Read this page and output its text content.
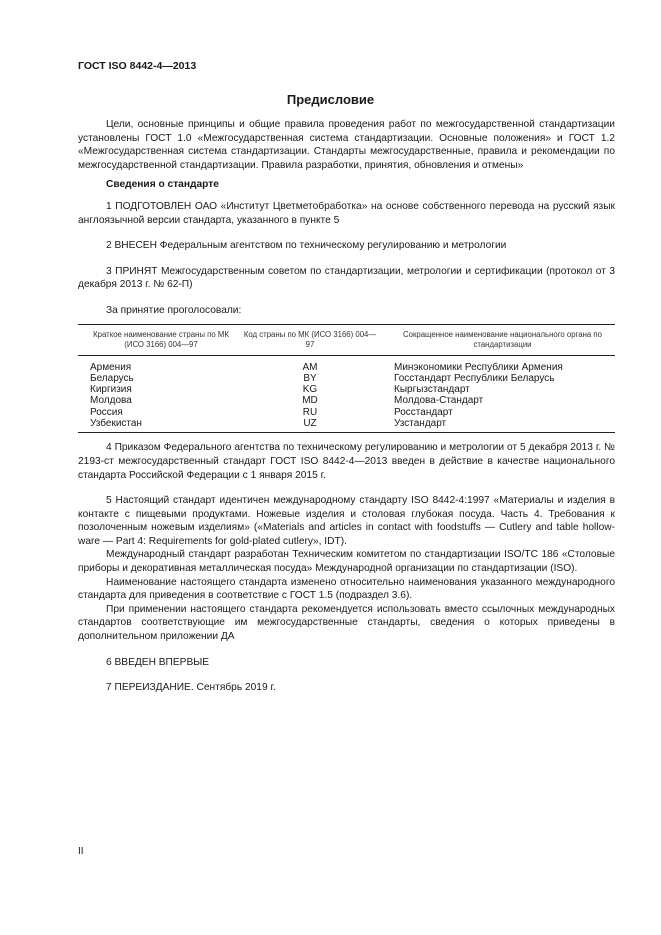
ГОСТ ISO 8442-4—2013
Предисловие

Цели, основные принципы и общие правила проведения работ по межгосударственной стандартизации установлены ГОСТ 1.0 «Межгосударственная система стандартизации. Основные положения» и ГОСТ 1.2 «Межгосударственная система стандартизации. Стандарты межгосударственные, правила и рекомендации по межгосударственной стандартизации. Правила разработки, принятия, обновления и отмены»

Сведения о стандарте

1 ПОДГОТОВЛЕН ОАО «Институт Цветметобработка» на основе собственного перевода на русский язык англоязычной версии стандарта, указанного в пункте 5

2 ВНЕСЕН Федеральным агентством по техническому регулированию и метрологии

3 ПРИНЯТ Межгосударственным советом по стандартизации, метрологии и сертификации (протокол от 3 декабря 2013 г. № 62-П)

За принятие проголосовали:

Краткое наименование страны по МК (ИСО 3166) 004—97	Код страны по МК (ИСО 3166) 004—97	Сокращенное наименование национального органа по стандартизации
Армения	AM	Минэкономики Республики Армения
Беларусь	BY	Госстандарт Республики Беларусь
Киргизия	KG	Кыргызстандарт
Молдова	MD	Молдова-Стандарт
Россия	RU	Росстандарт
Узбекистан	UZ	Узстандарт

4 Приказом Федерального агентства по техническому регулированию и метрологии от 5 декабря 2013 г. № 2193-ст межгосударственный стандарт ГОСТ ISO 8442-4—2013 введен в действие в качестве национального стандарта Российской Федерации с 1 января 2015 г.

5 Настоящий стандарт идентичен международному стандарту ISO 8442-4:1997 «Материалы и изделия в контакте с пищевыми продуктами. Ножевые изделия и столовая глубокая посуда. Часть 4. Требования к позолоченным ножевым изделиям» («Materials and articles in contact with foodstuffs — Cutlery and table hollow-ware — Part 4: Requirements for gold-plated cutlery», IDT).

Международный стандарт разработан Техническим комитетом по стандартизации ISO/TC 186 «Столовые приборы и декоративная металлическая посуда» Международной организации по стандартизации (ISO).

Наименование настоящего стандарта изменено относительно наименования указанного международного стандарта для приведения в соответствие с ГОСТ 1.5 (подраздел 3.6).

При применении настоящего стандарта рекомендуется использовать вместо ссылочных международных стандартов соответствующие им межгосударственные стандарты, сведения о которых приведены в дополнительном приложении ДА

6 ВВЕДЕН ВПЕРВЫЕ

7 ПЕРЕИЗДАНИЕ. Сентябрь 2019 г.

II
